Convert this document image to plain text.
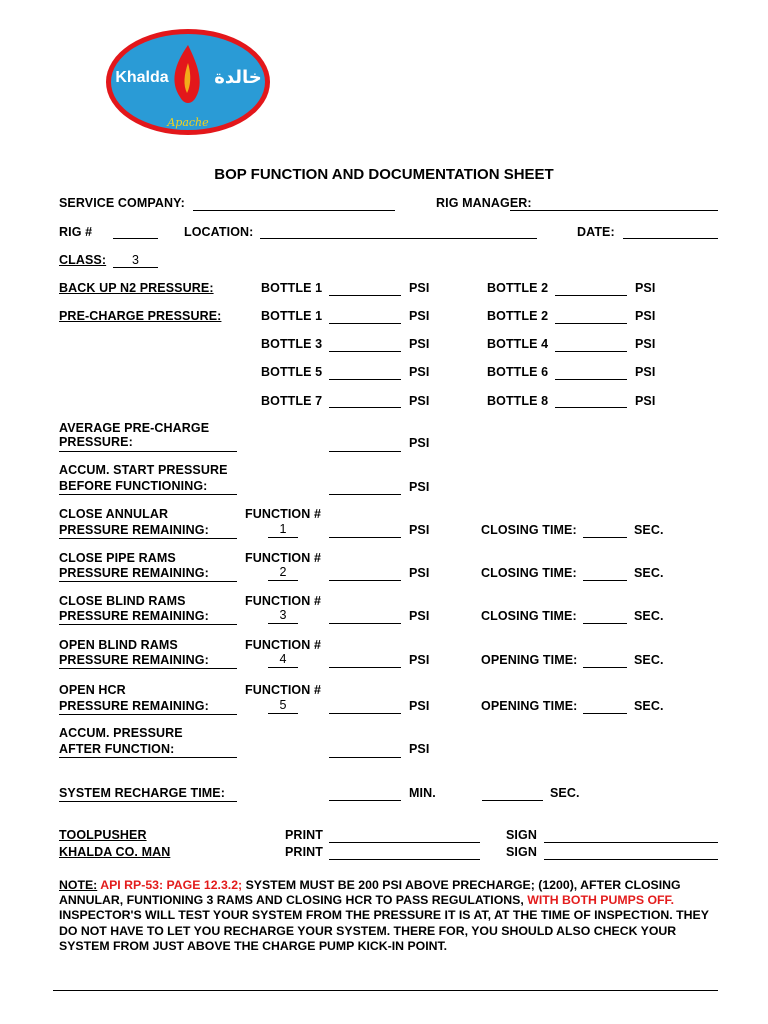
Khalda	خالدة
Apache
BOP FUNCTION AND DOCUMENTATION SHEET
SERVICE COMPANY:	RIG MANAGER:
RIG #	LOCATION:	DATE:
CLASS:	3
BACK UP N2 PRESSURE:	BOTTLE 1	PSI	BOTTLE 2	PSI
PRE-CHARGE PRESSURE:	BOTTLE 1	PSI	BOTTLE 2	PSI
BOTTLE 3	PSI	BOTTLE 4	PSI
BOTTLE 5	PSI	BOTTLE 6	PSI
BOTTLE 7	PSI	BOTTLE 8	PSI
AVERAGE PRE-CHARGE
PRESSURE:	PSI
ACCUM. START PRESSURE
BEFORE FUNCTIONING:	PSI
CLOSE ANNULAR
PRESSURE REMAINING:
FUNCTION #
1	PSI	CLOSING TIME:	SEC.
CLOSE PIPE RAMS
PRESSURE REMAINING:
FUNCTION #
2	PSI	CLOSING TIME:	SEC.
CLOSE BLIND RAMS
PRESSURE REMAINING:
FUNCTION #
3	PSI	CLOSING TIME:	SEC.
OPEN BLIND RAMS
PRESSURE REMAINING:
FUNCTION #
4	PSI	OPENING TIME:	SEC.
OPEN HCR
PRESSURE REMAINING:
FUNCTION #
5	PSI	OPENING TIME:	SEC.
ACCUM. PRESSURE
AFTER FUNCTION:	PSI
SYSTEM RECHARGE TIME:	MIN.	SEC.
TOOLPUSHER	PRINT	SIGN
KHALDA CO. MAN	PRINT	SIGN
NOTE: API RP-53: PAGE 12.3.2; SYSTEM MUST BE 200 PSI ABOVE PRECHARGE; (1200), AFTER CLOSING ANNULAR, FUNTIONING 3 RAMS AND CLOSING HCR TO PASS REGULATIONS, WITH BOTH PUMPS OFF. INSPECTOR'S WILL TEST YOUR SYSTEM FROM THE PRESSURE IT IS AT, AT THE TIME OF INSPECTION. THEY DO NOT HAVE TO LET YOU RECHARGE YOUR SYSTEM. THERE FOR, YOU SHOULD ALSO CHECK YOUR SYSTEM FROM JUST ABOVE THE CHARGE PUMP KICK-IN POINT.
